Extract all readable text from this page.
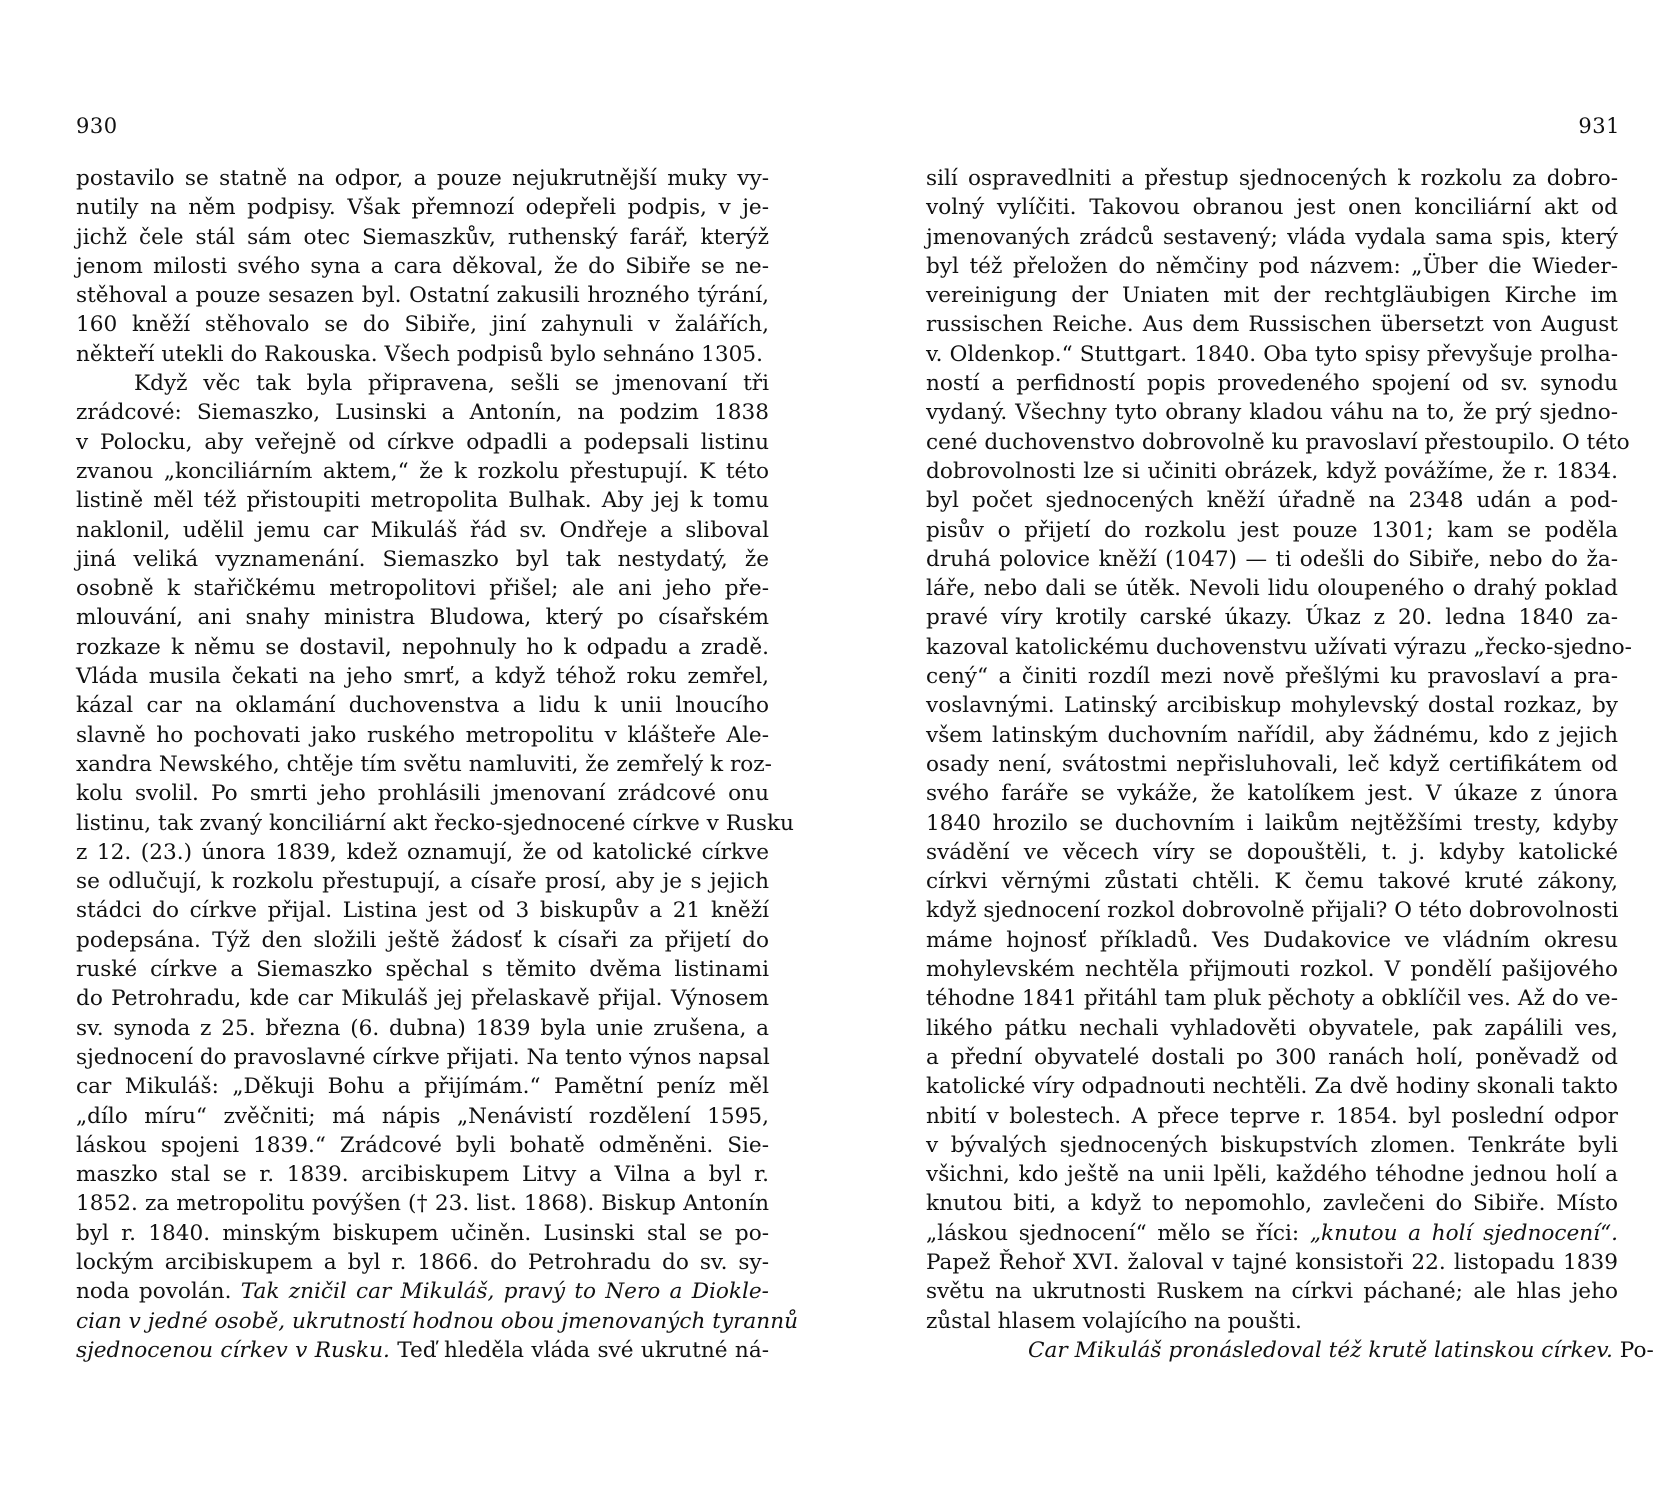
930
postavilo se statně na odpor, a pouze nejukrutnější muky vy-
nutily na něm podpisy. Však přemnozí odepřeli podpis, v je-
jichž čele stál sám otec Siemaszkův, ruthenský farář, kterýž
jenom milosti svého syna a cara děkoval, že do Sibiře se ne-
stěhoval a pouze sesazen byl. Ostatní zakusili hrozného týrání,
160 kněží stěhovalo se do Sibiře, jiní zahynuli v žalářích,
někteří utekli do Rakouska. Všech podpisů bylo sehnáno 1305.
Když věc tak byla připravena, sešli se jmenovaní tři
zrádcové: Siemaszko, Lusinski a Antonín, na podzim 1838
v Polocku, aby veřejně od církve odpadli a podepsali listinu
zvanou „konciliárním aktem,“ že k rozkolu přestupují. K této
listině měl též přistoupiti metropolita Bulhak. Aby jej k tomu
naklonil, udělil jemu car Mikuláš řád sv. Ondřeje a sliboval
jiná veliká vyznamenání. Siemaszko byl tak nestydatý, že
osobně k stařičkému metropolitovi přišel; ale ani jeho pře-
mlouvání, ani snahy ministra Bludowa, který po císařském
rozkaze k němu se dostavil, nepohnuly ho k odpadu a zradě.
Vláda musila čekati na jeho smrť, a když téhož roku zemřel,
kázal car na oklamání duchovenstva a lidu k unii lnoucího
slavně ho pochovati jako ruského metropolitu v klášteře Ale-
xandra Newského, chtěje tím světu namluviti, že zemřelý k roz-
kolu svolil. Po smrti jeho prohlásili jmenovaní zrádcové onu
listinu, tak zvaný konciliární akt řecko-sjednocené církve v Rusku
z 12. (23.) února 1839, kdež oznamují, že od katolické církve
se odlučují, k rozkolu přestupují, a císaře prosí, aby je s jejich
stádci do církve přijal. Listina jest od 3 biskupův a 21 kněží
podepsána. Týž den složili ještě žádosť k císaři za přijetí do
ruské církve a Siemaszko spěchal s těmito dvěma listinami
do Petrohradu, kde car Mikuláš jej přelaskavě přijal. Výnosem
sv. synoda z 25. března (6. dubna) 1839 byla unie zrušena, a
sjednocení do pravoslavné církve přijati. Na tento výnos napsal
car Mikuláš: „Děkuji Bohu a přijímám.“ Pamětní peníz měl
„dílo míru“ zvěčniti; má nápis „Nenávistí rozdělení 1595,
láskou spojeni 1839.“ Zrádcové byli bohatě odměněni. Sie-
maszko stal se r. 1839. arcibiskupem Litvy a Vilna a byl r.
1852. za metropolitu povýšen († 23. list. 1868). Biskup Antonín
byl r. 1840. minským biskupem učiněn. Lusinski stal se po-
lockým arcibiskupem a byl r. 1866. do Petrohradu do sv. sy-
noda povolán. Tak zničil car Mikuláš, pravý to Nero a Diokle-
cian v jedné osobě, ukrutností hodnou obou jmenovaných tyrannů
sjednocenou církev v Rusku. Teď hleděla vláda své ukrutné ná-
931
silí ospravedlniti a přestup sjednocených k rozkolu za dobro-
volný vylíčiti. Takovou obranou jest onen konciliární akt od
jmenovaných zrádců sestavený; vláda vydala sama spis, který
byl též přeložen do němčiny pod názvem: „Über die Wieder-
vereinigung der Uniaten mit der rechtgläubigen Kirche im
russischen Reiche. Aus dem Russischen übersetzt von August
v. Oldenkop.“ Stuttgart. 1840. Oba tyto spisy převyšuje prolha-
ností a perfidností popis provedeného spojení od sv. synodu
vydaný. Všechny tyto obrany kladou váhu na to, že prý sjedno-
cené duchovenstvo dobrovolně ku pravoslaví přestoupilo. O této
dobrovolnosti lze si učiniti obrázek, když povážíme, že r. 1834.
byl počet sjednocených kněží úřadně na 2348 udán a pod-
pisův o přijetí do rozkolu jest pouze 1301; kam se poděla
druhá polovice kněží (1047) — ti odešli do Sibiře, nebo do ža-
láře, nebo dali se útěk. Nevoli lidu oloupeného o drahý poklad
pravé víry krotily carské úkazy. Úkaz z 20. ledna 1840 za-
kazoval katolickému duchovenstvu užívati výrazu „řecko-sjedno-
cený“ a činiti rozdíl mezi nově přešlými ku pravoslaví a pra-
voslavnými. Latinský arcibiskup mohylevský dostal rozkaz, by
všem latinským duchovním nařídil, aby žádnému, kdo z jejich
osady není, svátostmi nepřisluhovali, leč když certifikátem od
svého faráře se vykáže, že katolíkem jest. V úkaze z února
1840 hrozilo se duchovním i laikům nejtěžšími tresty, kdyby
svádění ve věcech víry se dopouštěli, t. j. kdyby katolické
církvi věrnými zůstati chtěli. K čemu takové kruté zákony,
když sjednocení rozkol dobrovolně přijali? O této dobrovolnosti
máme hojnosť příkladů. Ves Dudakovice ve vládním okresu
mohylevském nechtěla přijmouti rozkol. V pondělí pašijového
téhodne 1841 přitáhl tam pluk pěchoty a obklíčil ves. Až do ve-
likého pátku nechali vyhladověti obyvatele, pak zapálili ves,
a přední obyvatelé dostali po 300 ranách holí, poněvadž od
katolické víry odpadnouti nechtěli. Za dvě hodiny skonali takto
nbití v bolestech. A přece teprve r. 1854. byl poslední odpor
v bývalých sjednocených biskupstvích zlomen. Tenkráte byli
všichni, kdo ještě na unii lpěli, každého téhodne jednou holí a
knutou biti, a když to nepomohlo, zavlečeni do Sibiře. Místo
„láskou sjednocení“ mělo se říci: „knutou a holí sjednocení“.
Papež Řehoř XVI. žaloval v tajné konsistoři 22. listopadu 1839
světu na ukrutnosti Ruskem na církvi páchané; ale hlas jeho
zůstal hlasem volajícího na poušti.
Car Mikuláš pronásledoval též krutě latinskou církev. Po-
